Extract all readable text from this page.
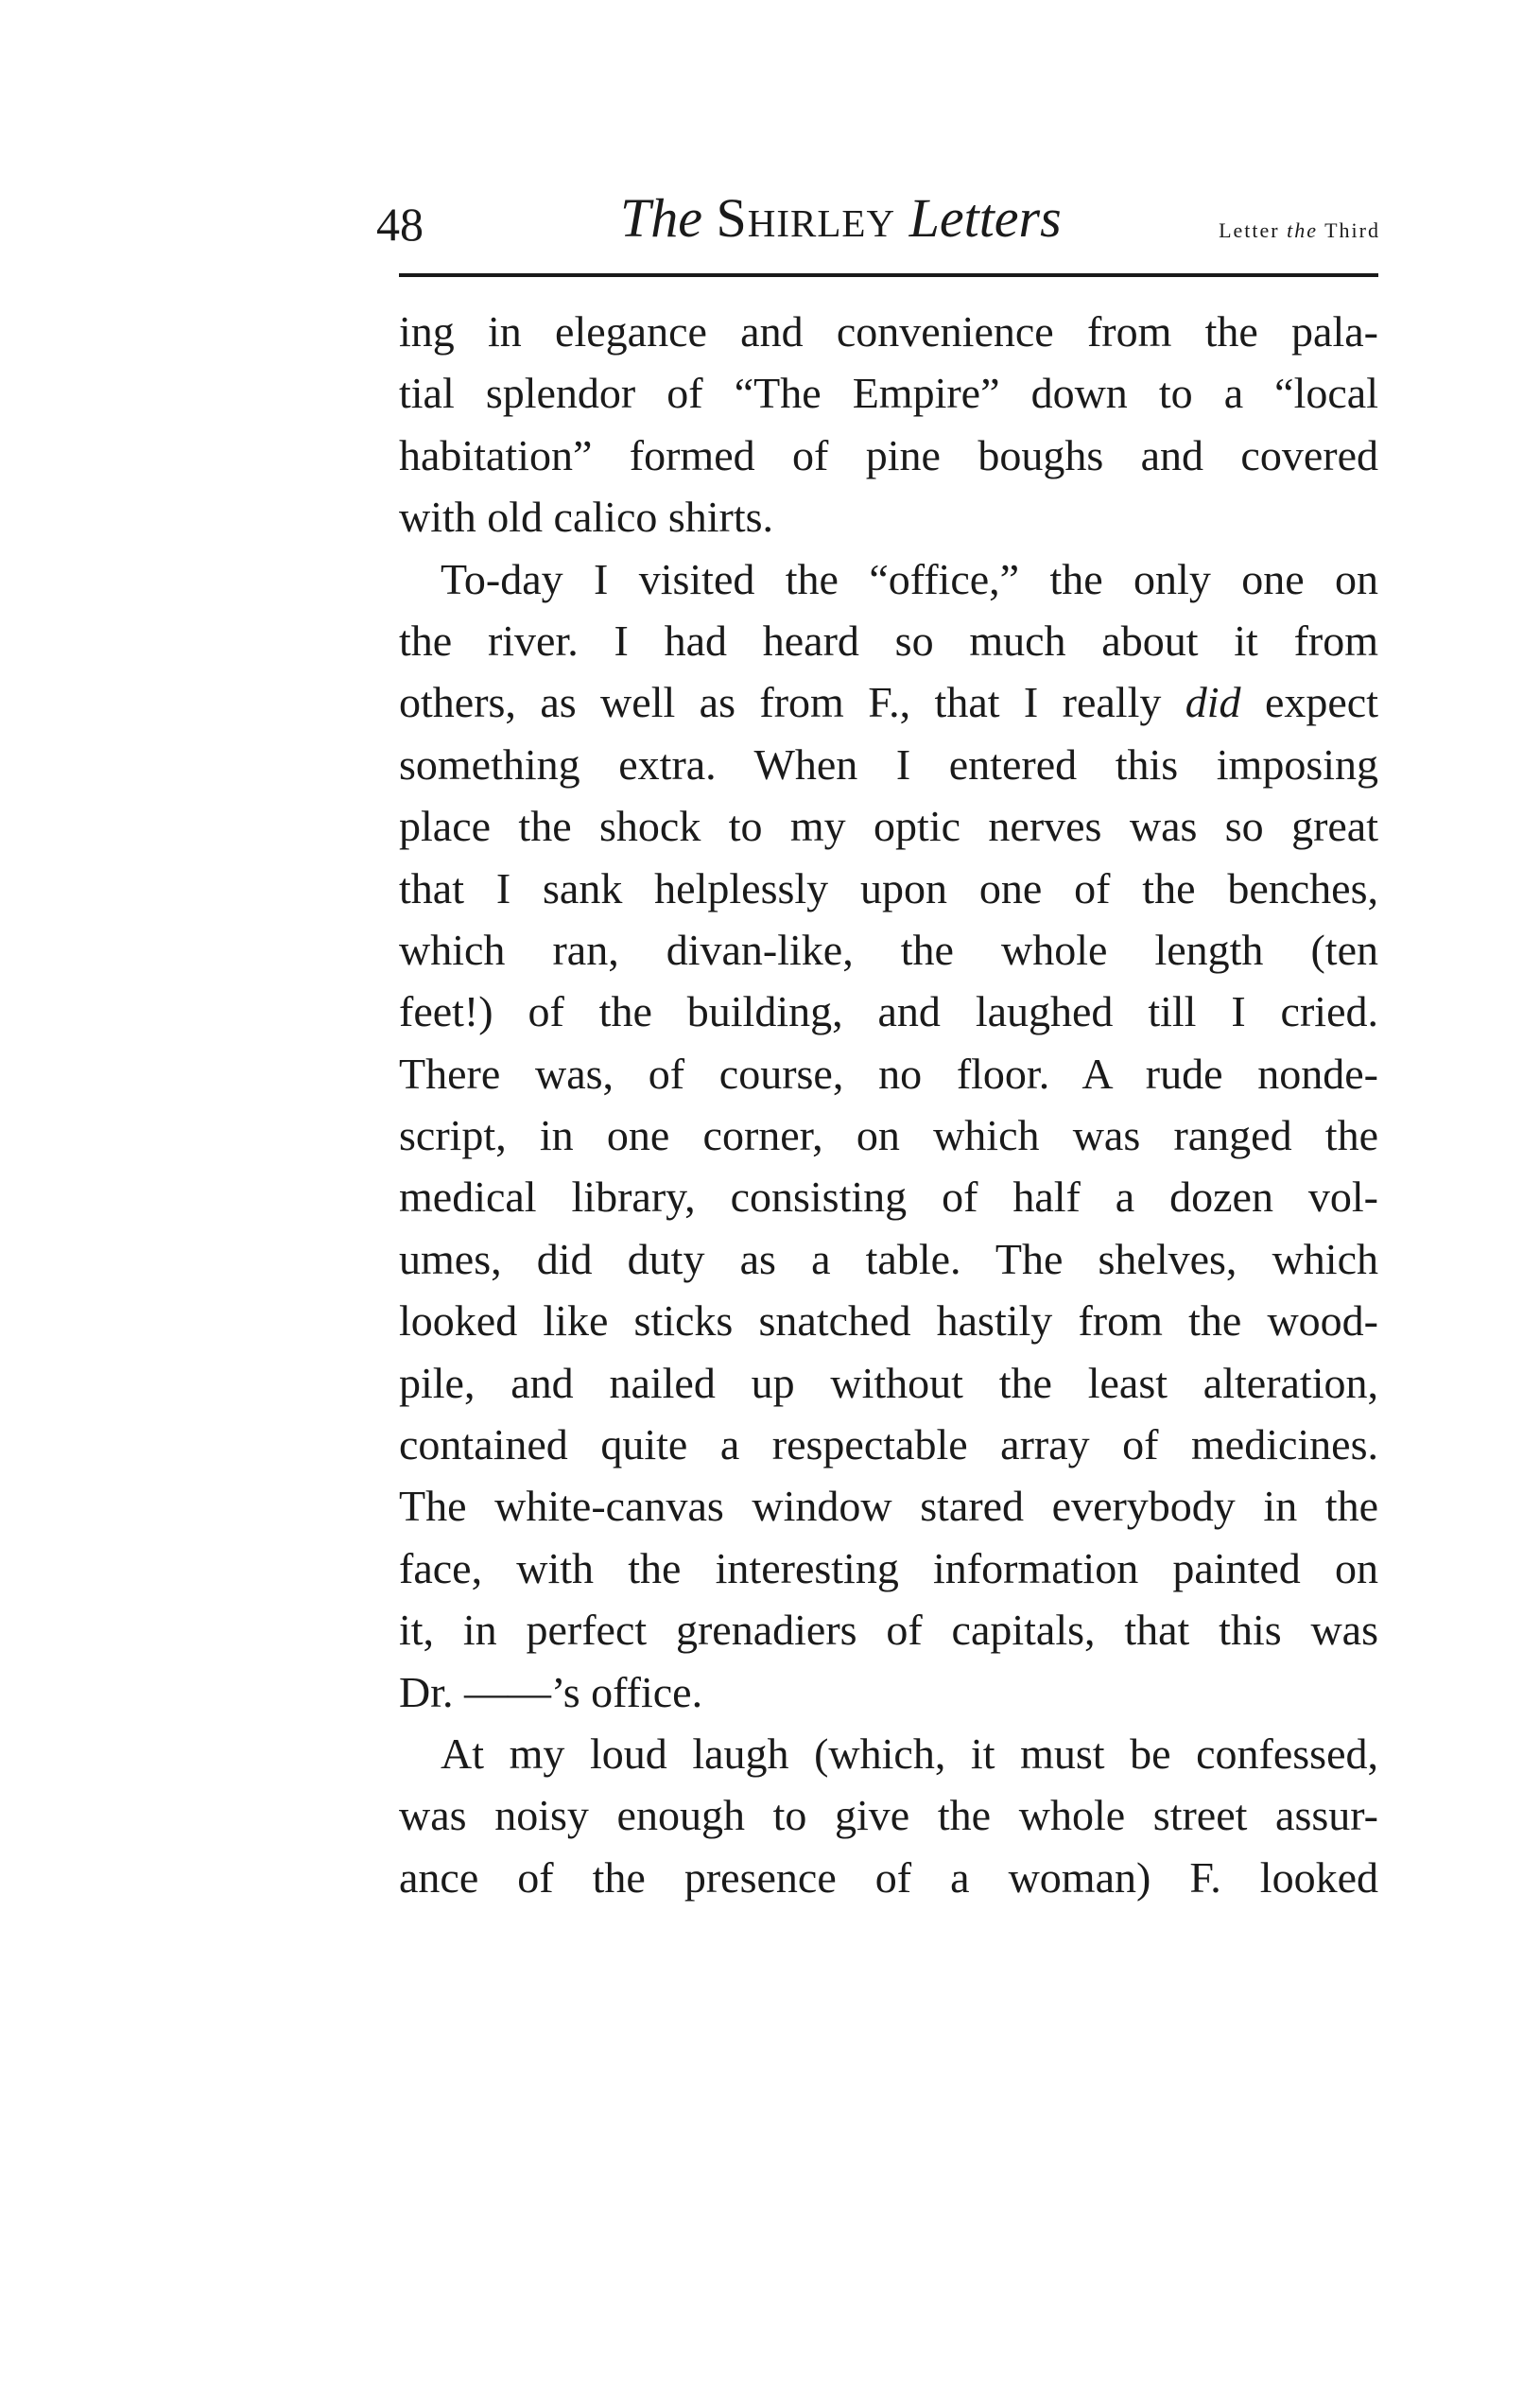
48	The Shirley Letters	Letter the Third
ing in elegance and convenience from the pala-
tial splendor of “The Empire” down to a “local
habitation” formed of pine boughs and covered
with old calico shirts.
To-day I visited the “office,” the only one on
the river. I had heard so much about it from
others, as well as from F., that I really did expect
something extra. When I entered this imposing
place the shock to my optic nerves was so great
that I sank helplessly upon one of the benches,
which ran, divan-like, the whole length (ten
feet!) of the building, and laughed till I cried.
There was, of course, no floor. A rude nonde-
script, in one corner, on which was ranged the
medical library, consisting of half a dozen vol-
umes, did duty as a table. The shelves, which
looked like sticks snatched hastily from the wood-
pile, and nailed up without the least alteration,
contained quite a respectable array of medicines.
The white-canvas window stared everybody in the
face, with the interesting information painted on
it, in perfect grenadiers of capitals, that this was
Dr. ——’s office.
At my loud laugh (which, it must be confessed,
was noisy enough to give the whole street assur-
ance of the presence of a woman) F. looked
